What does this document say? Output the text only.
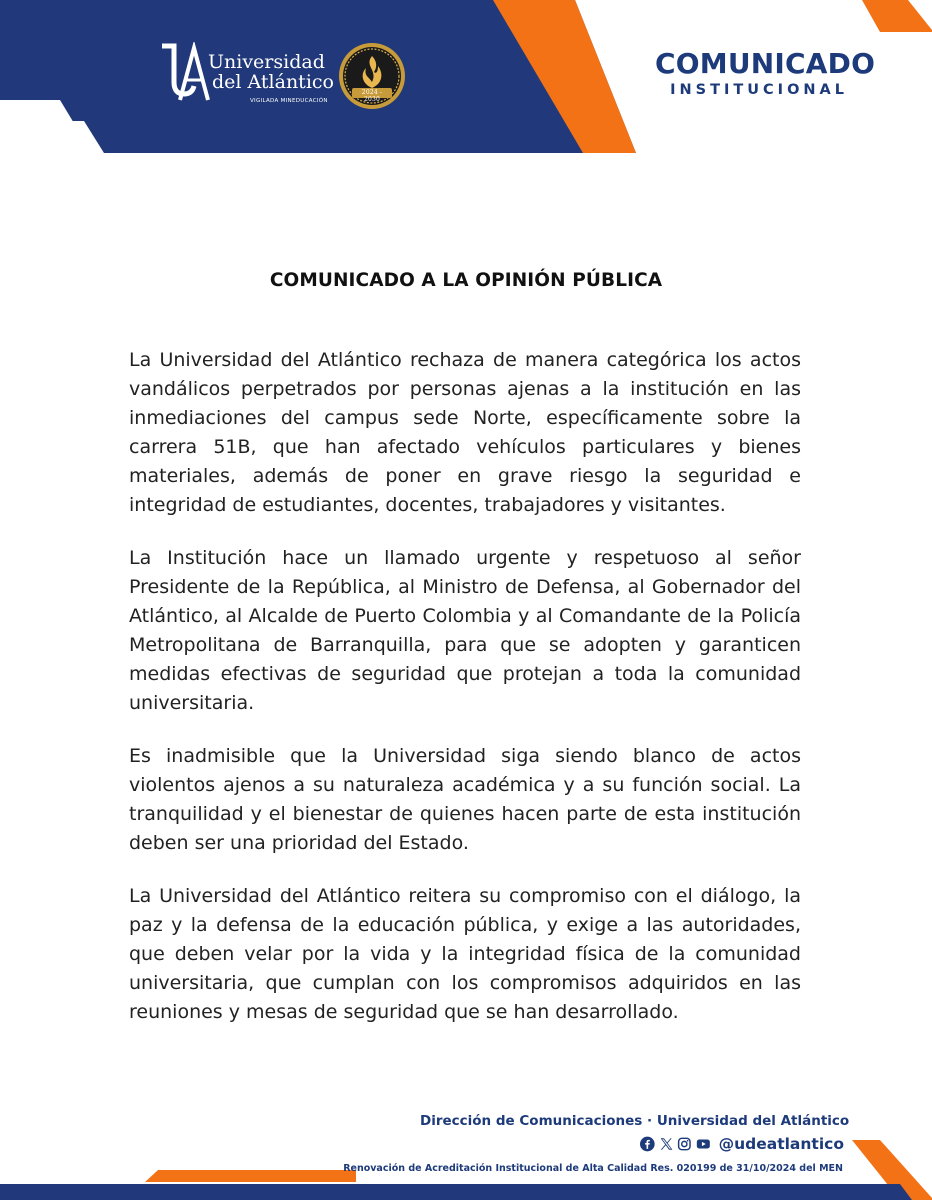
Universidad
del Atlántico
VIGILADA MINEDUCACIÓN
2024 - 2030
COMUNICADO
INSTITUCIONAL
COMUNICADO A LA OPINIÓN PÚBLICA

La Universidad del Atlántico rechaza de manera categórica los actos vandálicos perpetrados por personas ajenas a la institución en las inmediaciones del campus sede Norte, específicamente sobre la carrera 51B, que han afectado vehículos particulares y bienes materiales, además de poner en grave riesgo la seguridad e integridad de estudiantes, docentes, trabajadores y visitantes.

La Institución hace un llamado urgente y respetuoso al señor Presidente de la República, al Ministro de Defensa, al Gobernador del Atlántico, al Alcalde de Puerto Colombia y al Comandante de la Policía Metropolitana de Barranquilla, para que se adopten y garanticen medidas efectivas de seguridad que protejan a toda la comunidad universitaria.

Es inadmisible que la Universidad siga siendo blanco de actos violentos ajenos a su naturaleza académica y a su función social. La tranquilidad y el bienestar de quienes hacen parte de esta institución deben ser una prioridad del Estado.

La Universidad del Atlántico reitera su compromiso con el diálogo, la paz y la defensa de la educación pública, y exige a las autoridades, que deben velar por la vida y la integridad física de la comunidad universitaria, que cumplan con los compromisos adquiridos en las reuniones y mesas de seguridad que se han desarrollado.

Dirección de Comunicaciones · Universidad del Atlántico
@udeatlantico
Renovación de Acreditación Institucional de Alta Calidad Res. 020199 de 31/10/2024 del MEN
